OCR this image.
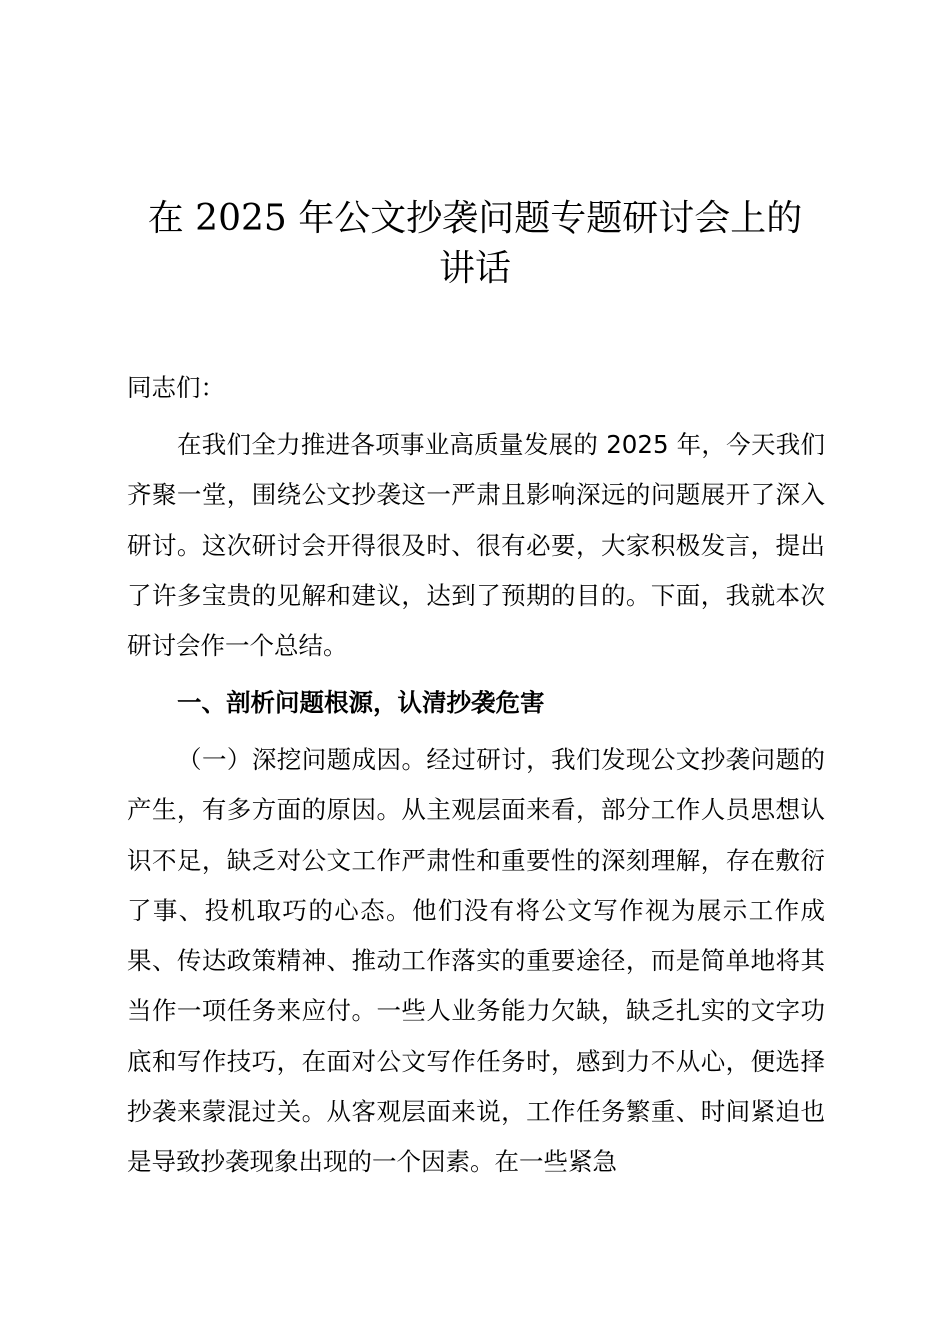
在 2025 年公文抄袭问题专题研讨会上的
讲话

同志们：

在我们全力推进各项事业高质量发展的 2025 年，今天我们齐聚一堂，围绕公文抄袭这一严肃且影响深远的问题展开了深入研讨。这次研讨会开得很及时、很有必要，大家积极发言，提出了许多宝贵的见解和建议，达到了预期的目的。下面，我就本次研讨会作一个总结。

一、剖析问题根源，认清抄袭危害

（一）深挖问题成因。经过研讨，我们发现公文抄袭问题的产生，有多方面的原因。从主观层面来看，部分工作人员思想认识不足，缺乏对公文工作严肃性和重要性的深刻理解，存在敷衍了事、投机取巧的心态。他们没有将公文写作视为展示工作成果、传达政策精神、推动工作落实的重要途径，而是简单地将其当作一项任务来应付。一些人业务能力欠缺，缺乏扎实的文字功底和写作技巧，在面对公文写作任务时，感到力不从心，便选择抄袭来蒙混过关。从客观层面来说，工作任务繁重、时间紧迫也是导致抄袭现象出现的一个因素。在一些紧急
